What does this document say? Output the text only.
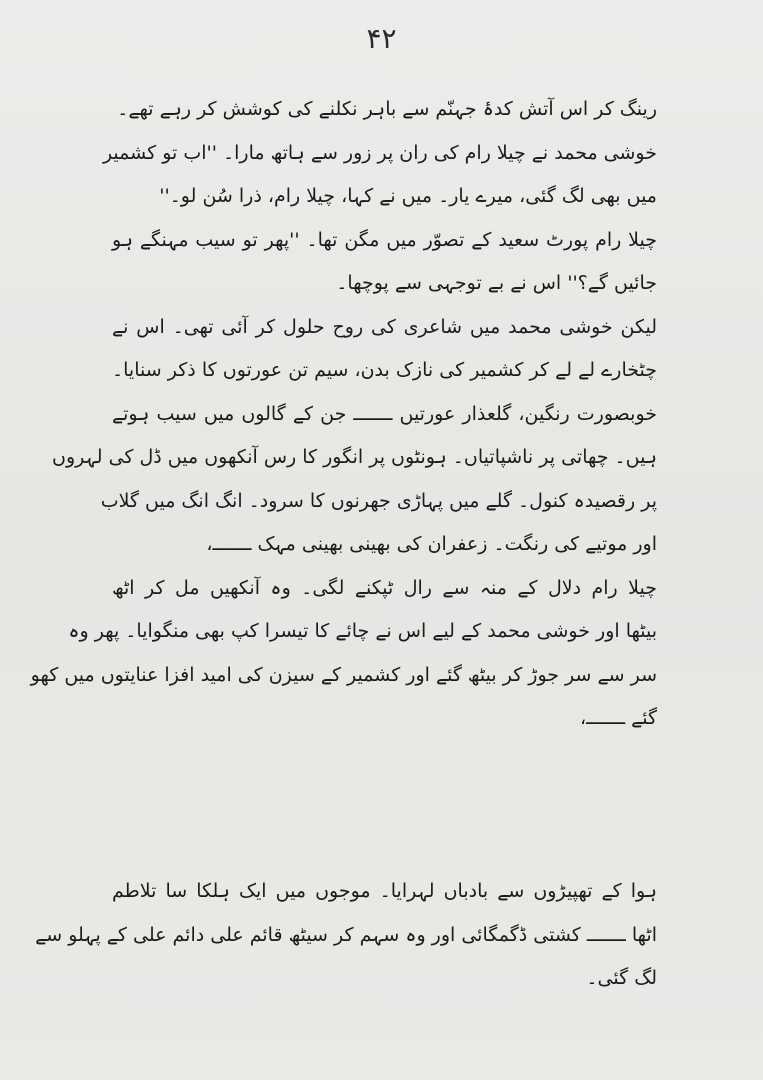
۴۲
رینگ کر اس آتش کدۂ جہنّم سے باہر نکلنے کی کوشش کر رہے تھے۔
خوشی محمد نے چیلا رام کی ران پر زور سے ہاتھ مارا۔ ''اب تو کشمیر
میں بھی لگ گئی، میرے یار۔ میں نے کہا، چیلا رام، ذرا سُن لو۔''
چیلا رام پورٹ سعید کے تصوّر میں مگن تھا۔ ''پھر تو سیب مہنگے ہو
جائیں گے؟'' اس نے بے توجہی سے پوچھا۔
لیکن خوشی محمد میں شاعری کی روح حلول کر آئی تھی۔ اس نے
چٹخارے لے لے کر کشمیر کی نازک بدن، سیم تن عورتوں کا ذکر سنایا۔
خوبصورت رنگین، گلعذار عورتیں ـــــــ جن کے گالوں میں سیب ہوتے
ہیں۔ چھاتی پر ناشپاتیاں۔ ہونٹوں پر انگور کا رس آنکھوں میں ڈل کی لہروں
پر رقصیدہ کنول۔ گلے میں پہاڑی جھرنوں کا سرود۔ انگ انگ میں گلاب
اور موتیے کی رنگت۔ زعفران کی بھینی بھینی مہک ـــــــ،
چیلا رام دلال کے منہ سے رال ٹپکنے لگی۔ وہ آنکھیں مل کر اٹھ
بیٹھا اور خوشی محمد کے لیے اس نے چائے کا تیسرا کپ بھی منگوایا۔ پھر وہ
سر سے سر جوڑ کر بیٹھ گئے اور کشمیر کے سیزن کی امید افزا عنایتوں میں کھو
گئے ـــــــ،
ہوا کے تھپیڑوں سے بادباں لہرایا۔ موجوں میں ایک ہلکا سا تلاطم
اٹھا ـــــــ کشتی ڈگمگائی اور وہ سہم کر سیٹھ قائم علی دائم علی کے پہلو سے
لگ گئی۔
